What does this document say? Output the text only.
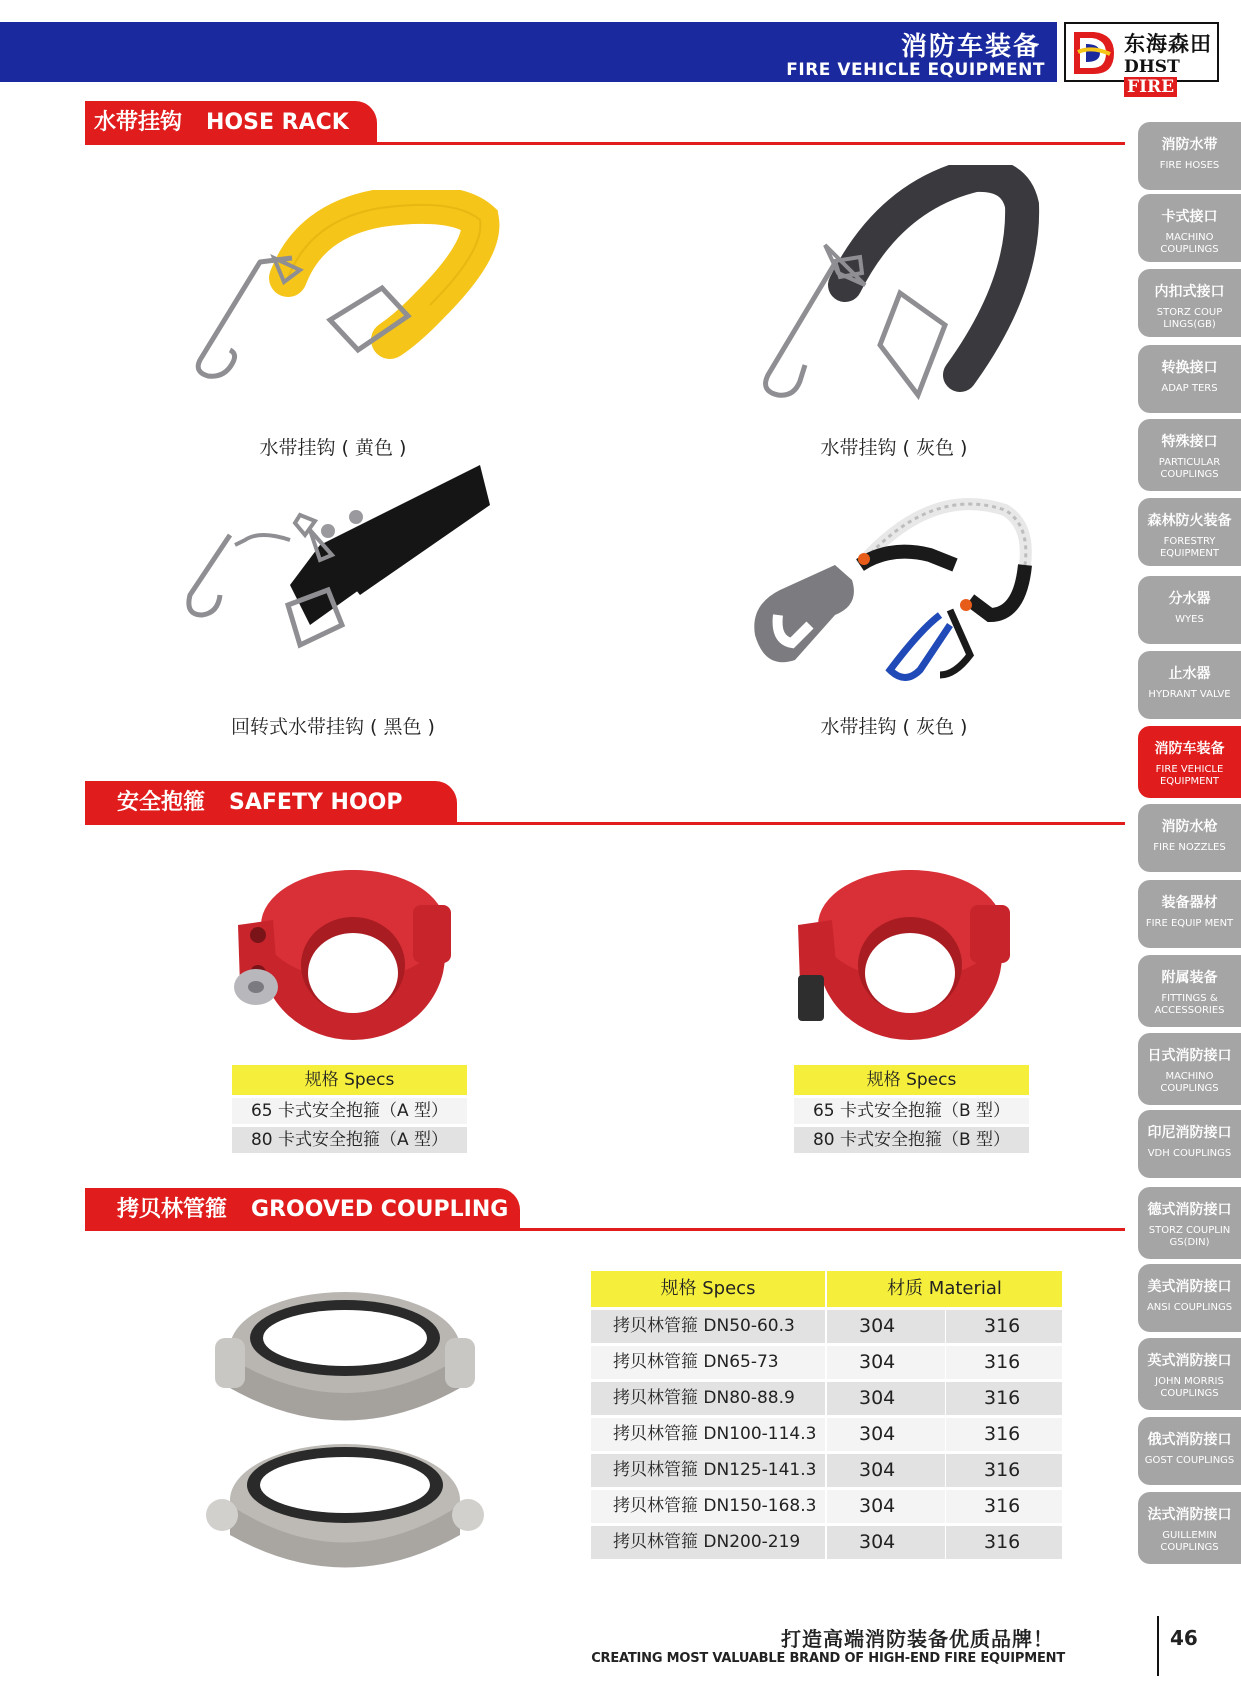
消防车装备
FIRE VEHICLE EQUIPMENT
东海森田
DHST FIRE
水带挂钩 HOSE RACK
水带挂钩 ( 黄色 )	水带挂钩 ( 灰色 )
回转式水带挂钩 ( 黑色 )	水带挂钩 ( 灰色 )
安全抱箍 SAFETY HOOP
规格 Specs
65 卡式安全抱箍（A 型）
80 卡式安全抱箍（A 型）
规格 Specs
65 卡式安全抱箍（B 型）
80 卡式安全抱箍（B 型）
拷贝林管箍 GROOVED COUPLING
规格 Specs	材质 Material
拷贝林管箍 DN50-60.3	304	316
拷贝林管箍 DN65-73	304	316
拷贝林管箍 DN80-88.9	304	316
拷贝林管箍 DN100-114.3	304	316
拷贝林管箍 DN125-141.3	304	316
拷贝林管箍 DN150-168.3	304	316
拷贝林管箍 DN200-219	304	316
消防水带
FIRE HOSES
卡式接口
MACHINO COUPLINGS
内扣式接口
STORZ COUP LINGS(GB)
转换接口
ADAP TERS
特殊接口
PARTICULAR COUPLINGS
森林防火装备
FORESTRY EQUIPMENT
分水器
WYES
止水器
HYDRANT VALVE
消防车装备
FIRE VEHICLE EQUIPMENT
消防水枪
FIRE NOZZLES
装备器材
FIRE EQUIP MENT
附属装备
FITTINGS & ACCESSORIES
日式消防接口
MACHINO COUPLINGS
印尼消防接口
VDH COUPLINGS
德式消防接口
STORZ COUPLIN GS(DIN)
美式消防接口
ANSI COUPLINGS
英式消防接口
JOHN MORRIS COUPLINGS
俄式消防接口
GOST COUPLINGS
法式消防接口
GUILLEMIN COUPLINGS
打造高端消防装备优质品牌！
CREATING MOST VALUABLE BRAND OF HIGH-END FIRE EQUIPMENT
46
